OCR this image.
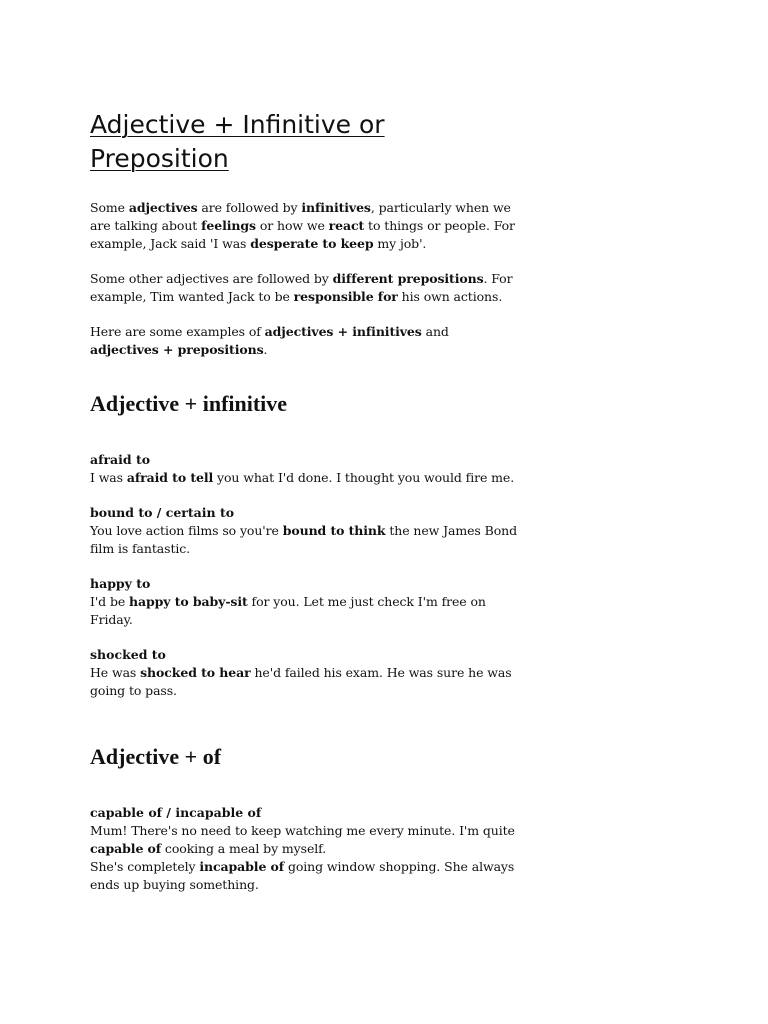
Adjective + Infinitive or
Preposition

Some adjectives are followed by infinitives, particularly when we are talking about feelings or how we react to things or people. For example, Jack said 'I was desperate to keep my job'.

Some other adjectives are followed by different prepositions. For example, Tim wanted Jack to be responsible for his own actions.

Here are some examples of adjectives + infinitives and adjectives + prepositions.

Adjective + infinitive

afraid to

I was afraid to tell you what I'd done. I thought you would fire me.

bound to / certain to

You love action films so you're bound to think the new James Bond film is fantastic.

happy to

I'd be happy to baby-sit for you. Let me just check I'm free on Friday.

shocked to

He was shocked to hear he'd failed his exam. He was sure he was going to pass.

Adjective + of

capable of / incapable of

Mum! There's no need to keep watching me every minute. I'm quite capable of cooking a meal by myself.

She's completely incapable of going window shopping. She always ends up buying something.
